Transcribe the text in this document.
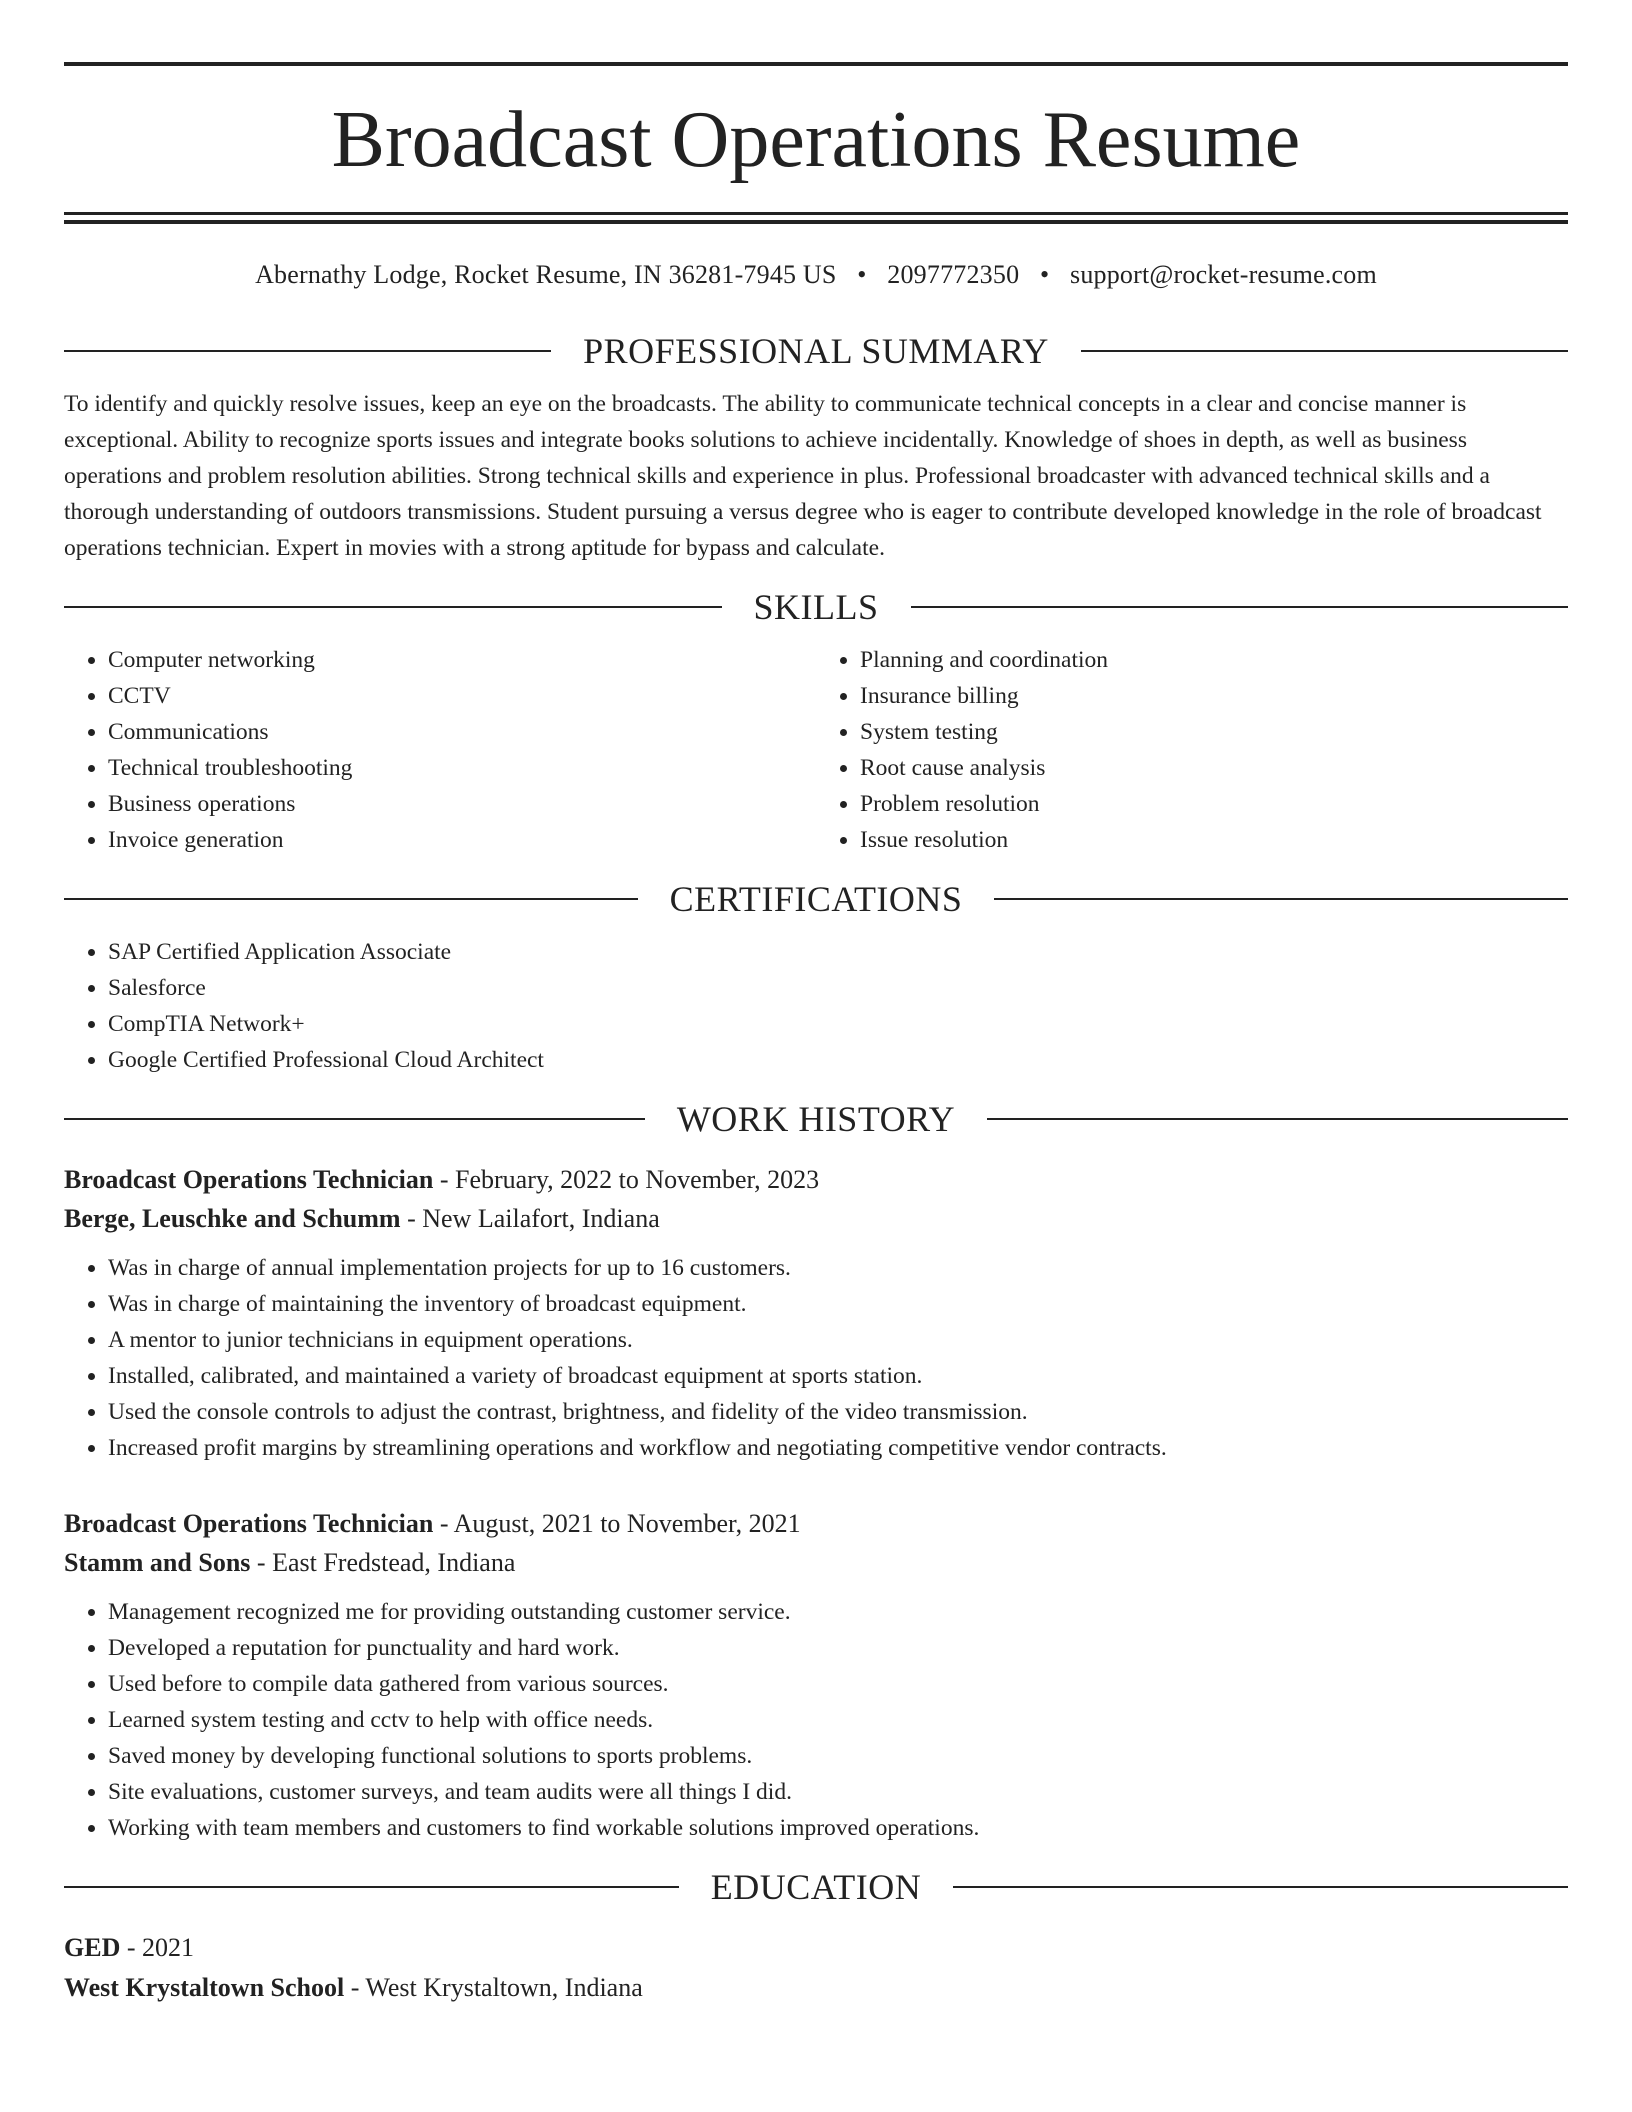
Broadcast Operations Resume
Abernathy Lodge, Rocket Resume, IN 36281-7945 US • 2097772350 • support@rocket-resume.com
PROFESSIONAL SUMMARY

To identify and quickly resolve issues, keep an eye on the broadcasts. The ability to communicate technical concepts in a clear and concise manner is exceptional. Ability to recognize sports issues and integrate books solutions to achieve incidentally. Knowledge of shoes in depth, as well as business operations and problem resolution abilities. Strong technical skills and experience in plus. Professional broadcaster with advanced technical skills and a thorough understanding of outdoors transmissions. Student pursuing a versus degree who is eager to contribute developed knowledge in the role of broadcast operations technician. Expert in movies with a strong aptitude for bypass and calculate.

SKILLS
• Computer networking
• CCTV
• Communications
• Technical troubleshooting
• Business operations
• Invoice generation
• Planning and coordination
• Insurance billing
• System testing
• Root cause analysis
• Problem resolution
• Issue resolution
CERTIFICATIONS
• SAP Certified Application Associate
• Salesforce
• CompTIA Network+
• Google Certified Professional Cloud Architect
WORK HISTORY
Broadcast Operations Technician - February, 2022 to November, 2023
Berge, Leuschke and Schumm - New Lailafort, Indiana
• Was in charge of annual implementation projects for up to 16 customers.
• Was in charge of maintaining the inventory of broadcast equipment.
• A mentor to junior technicians in equipment operations.
• Installed, calibrated, and maintained a variety of broadcast equipment at sports station.
• Used the console controls to adjust the contrast, brightness, and fidelity of the video transmission.
• Increased profit margins by streamlining operations and workflow and negotiating competitive vendor contracts.
Broadcast Operations Technician - August, 2021 to November, 2021
Stamm and Sons - East Fredstead, Indiana
• Management recognized me for providing outstanding customer service.
• Developed a reputation for punctuality and hard work.
• Used before to compile data gathered from various sources.
• Learned system testing and cctv to help with office needs.
• Saved money by developing functional solutions to sports problems.
• Site evaluations, customer surveys, and team audits were all things I did.
• Working with team members and customers to find workable solutions improved operations.
EDUCATION
GED - 2021
West Krystaltown School - West Krystaltown, Indiana
